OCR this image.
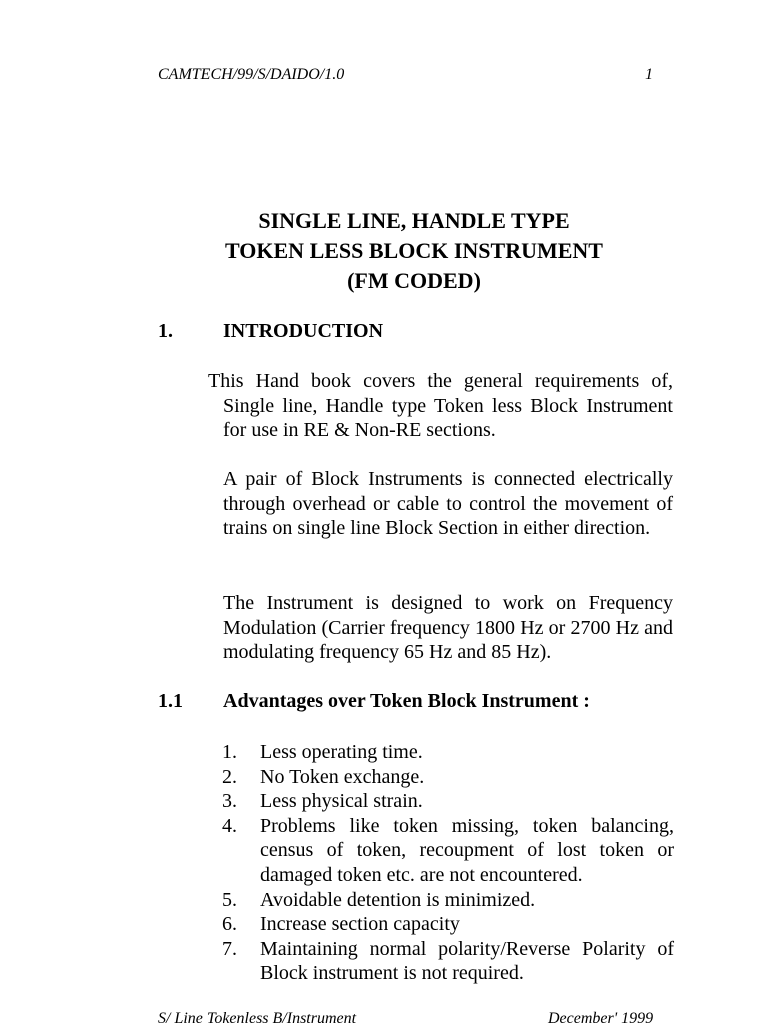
CAMTECH/99/S/DAIDO/1.0	1
SINGLE LINE, HANDLE TYPE
TOKEN LESS BLOCK INSTRUMENT
(FM CODED)
1.	INTRODUCTION
This Hand book covers the general requirements of, Single line, Handle type Token less Block Instrument for use in RE & Non-RE sections.
A pair of Block Instruments is connected electrically through overhead or cable to control the movement of trains on single line Block Section in either direction.
The Instrument is designed to work on Frequency Modulation (Carrier frequency 1800 Hz or 2700 Hz and modulating frequency 65 Hz and 85 Hz).
1.1 Advantages over Token Block Instrument :
1.	Less operating time.
2.	No Token exchange.
3.	Less physical strain.
4.	Problems like token missing, token balancing, census of token, recoupment of lost token or damaged token etc. are not encountered.
5.	Avoidable detention is minimized.
6.	Increase section capacity
7.	Maintaining normal polarity/Reverse Polarity of Block instrument is not required.
S/ Line Tokenless B/Instrument	December' 1999
